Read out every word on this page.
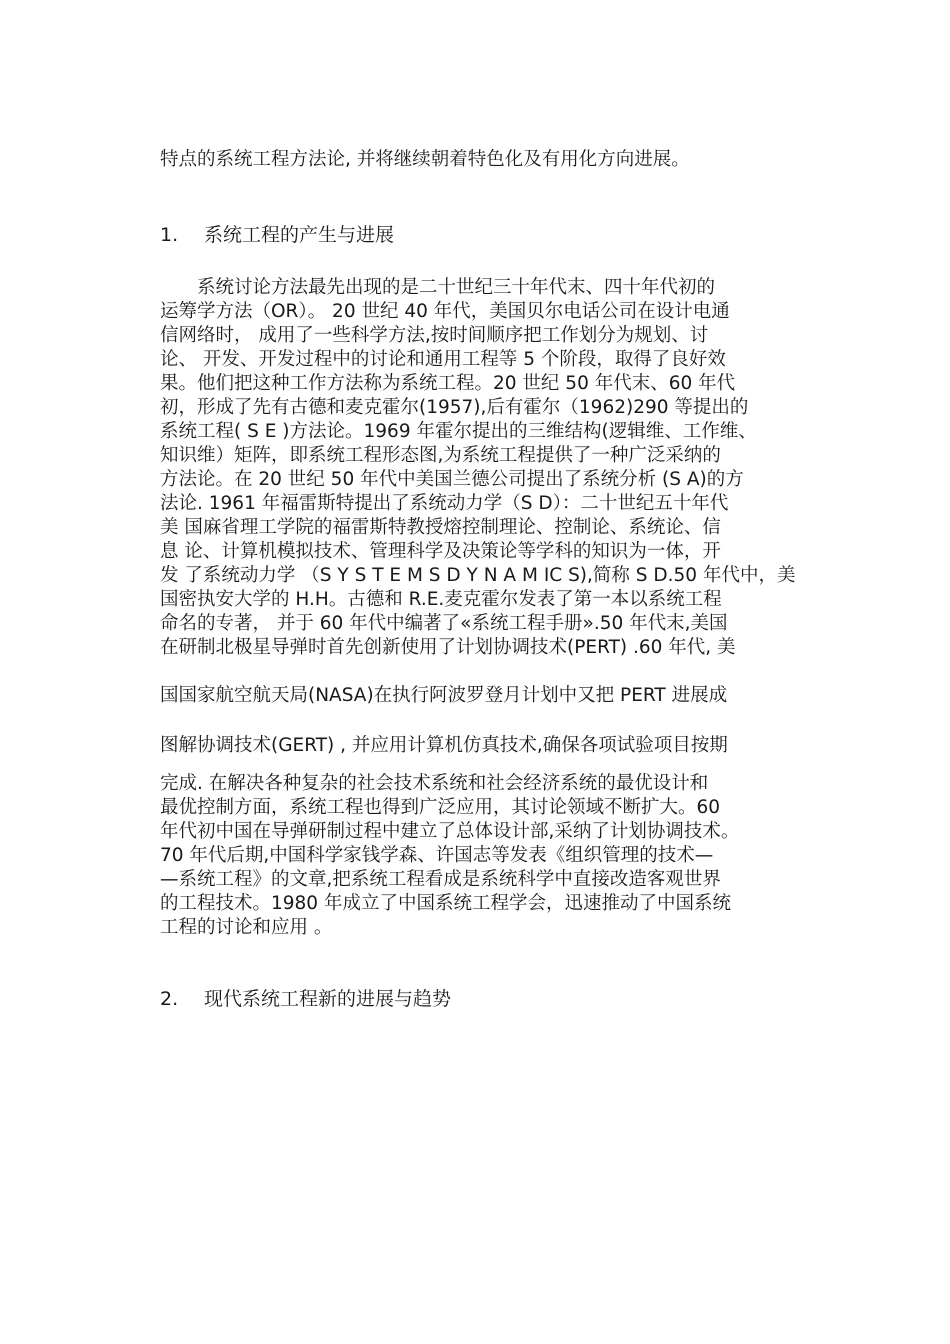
特点的系统工程方法论, 并将继续朝着特色化及有用化方向进展。
1. 系统工程的产生与进展
　　系统讨论方法最先出现的是二十世纪三十年代末、四十年代初的
运筹学方法（OR）。 20 世纪 40 年代，美国贝尔电话公司在设计电通
信网络时， 成用了一些科学方法,按时间顺序把工作划分为规划、讨
论、 开发、开发过程中的讨论和通用工程等 5 个阶段，取得了良好效
果。他们把这种工作方法称为系统工程。20 世纪 50 年代末、60 年代
初，形成了先有古德和麦克霍尔(1957),后有霍尔（1962)290 等提出的
系统工程( S E )方法论。1969 年霍尔提出的三维结构(逻辑维、工作维、
知识维）矩阵，即系统工程形态图,为系统工程提供了一种广泛采纳的
方法论。在 20 世纪 50 年代中美国兰德公司提出了系统分析 (S A)的方
法论. 1961 年福雷斯特提出了系统动力学（S D）：二十世纪五十年代
美 国麻省理工学院的福雷斯特教授熔控制理论、控制论、系统论、信
息 论、计算机模拟技术、管理科学及决策论等学科的知识为一体，开
发 了系统动力学 （S Y S T E M S D Y N A M IC S),简称 S D.50 年代中，美
国密执安大学的 H.H。古德和 R.E.麦克霍尔发表了第一本以系统工程
命名的专著， 并于 60 年代中编著了«系统工程手册».50 年代末,美国
在研制北极星导弹时首先创新使用了计划协调技术(PERT) .60 年代, 美
国国家航空航天局(NASA)在执行阿波罗登月计划中又把 PERT 进展成
图解协调技术(GERT) , 并应用计算机仿真技术,确保各项试验项目按期
完成. 在解决各种复杂的社会技术系统和社会经济系统的最优设计和
最优控制方面，系统工程也得到广泛应用，其讨论领域不断扩大。60
年代初中国在导弹研制过程中建立了总体设计部,采纳了计划协调技术。
70 年代后期,中国科学家钱学森、许国志等发表《组织管理的技术—
—系统工程》的文章,把系统工程看成是系统科学中直接改造客观世界
的工程技术。1980 年成立了中国系统工程学会，迅速推动了中国系统
工程的讨论和应用 。
2. 现代系统工程新的进展与趋势
